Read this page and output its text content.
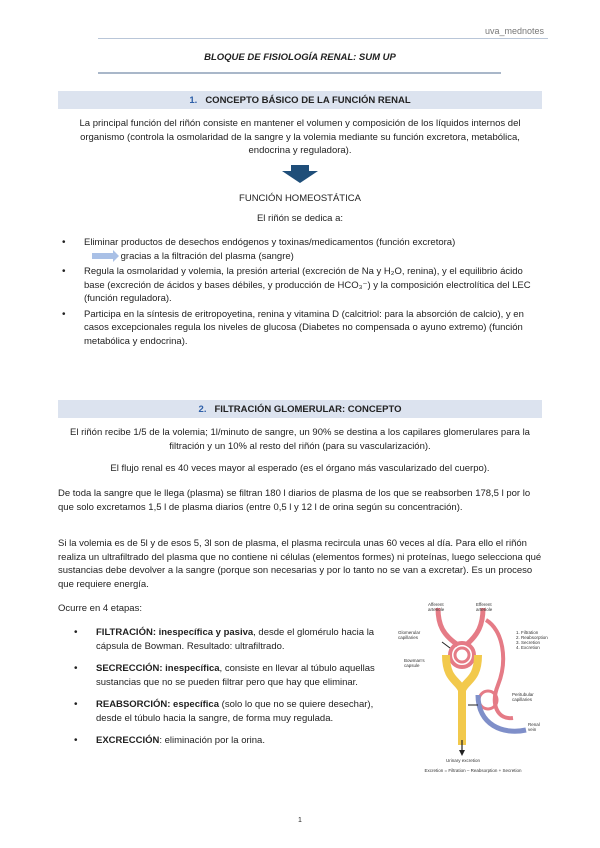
uva_mednotes
BLOQUE DE FISIOLOGÍA RENAL: SUM UP
1. CONCEPTO BÁSICO DE LA FUNCIÓN RENAL
La principal función del riñón consiste en mantener el volumen y composición de los líquidos internos del organismo (controla la osmolaridad de la sangre y la volemia mediante su función excretora, metabólica, endocrina y reguladora).
FUNCIÓN HOMEOSTÁTICA
El riñón se dedica a:
• Eliminar productos de desechos endógenos y toxinas/medicamentos (función excretora)
gracias a la filtración del plasma (sangre)
• Regula la osmolaridad y volemia, la presión arterial (excreción de Na y H₂O, renina), y el equilibrio ácido base (excreción de ácidos y bases débiles, y producción de HCO₃⁻) y la composición electrolítica del LEC (función reguladora).
• Participa en la síntesis de eritropoyetina, renina y vitamina D (calcitriol: para la absorción de calcio), y en casos excepcionales regula los niveles de glucosa (Diabetes no compensada o ayuno extremo) (función metabólica y endocrina).
2. FILTRACIÓN GLOMERULAR: CONCEPTO
El riñón recibe 1/5 de la volemia; 1l/minuto de sangre, un 90% se destina a los capilares glomerulares para la filtración y un 10% al resto del riñón (para su vascularización).
El flujo renal es 40 veces mayor al esperado (es el órgano más vascularizado del cuerpo).
De toda la sangre que le llega (plasma) se filtran 180 l diarios de plasma de los que se reabsorben 178,5 l por lo que solo excretamos 1,5 l de plasma diarios (entre 0,5 l y 12 l de orina según su concentración).
Si la volemia es de 5l y de esos 5, 3l son de plasma, el plasma recircula unas 60 veces al día. Para ello el riñón realiza un ultrafiltrado del plasma que no contiene ni células (elementos formes) ni proteínas, luego selecciona qué sustancias debe devolver a la sangre (porque son necesarias y por lo tanto no se van a excretar). Es un proceso que requiere energía.
Ocurre en 4 etapas:
• FILTRACIÓN: inespecífica y pasiva, desde el glomérulo hacia la cápsula de Bowman. Resultado: ultrafiltrado.
• SECRECCIÓN: inespecífica, consiste en llevar al túbulo aquellas sustancias que no se pueden filtrar pero que hay que eliminar.
• REABSORCIÓN: específica (solo lo que no se quiere desechar), desde el túbulo hacia la sangre, de forma muy regulada.
• EXCRECCIÓN: eliminación por la orina.
Afferent arteriole
Efferent arteriole
Glomerular capillaries
Bowman's capsule
Peritubular capillaries
Renal vein
1. Filtration
2. Reabsorption
3. Secretion
4. Excretion
Urinary excretion
Excretion = Filtration – Reabsorption + Secretion
1
